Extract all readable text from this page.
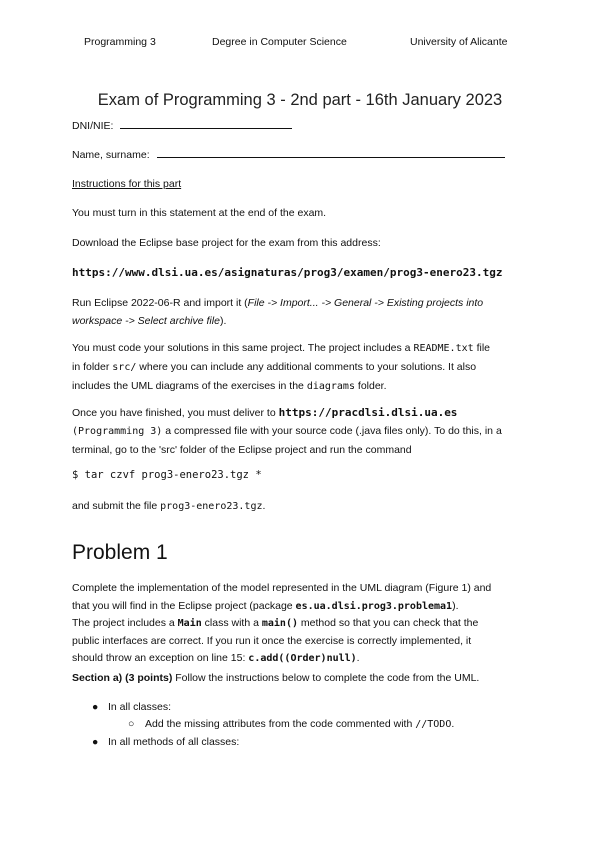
Programming 3	Degree in Computer Science	University of Alicante
Exam of Programming 3 - 2nd part - 16th January 2023
DNI/NIE:
Name, surname:
Instructions for this part
You must turn in this statement at the end of the exam.
Download the Eclipse base project for the exam from this address:
https://www.dlsi.ua.es/asignaturas/prog3/examen/prog3-enero23.tgz
Run Eclipse 2022-06-R and import it (File -> Import... -> General -> Existing projects into
workspace -> Select archive file).
You must code your solutions in this same project. The project includes a README.txt file
in folder src/ where you can include any additional comments to your solutions. It also
includes the UML diagrams of the exercises in the diagrams folder.
Once you have finished, you must deliver to https://pracdlsi.dlsi.ua.es
(Programming 3) a compressed file with your source code (.java files only). To do this, in a
terminal, go to the 'src' folder of the Eclipse project and run the command
$ tar czvf prog3-enero23.tgz *
and submit the file prog3-enero23.tgz.
Problem 1
Complete the implementation of the model represented in the UML diagram (Figure 1) and
that you will find in the Eclipse project (package es.ua.dlsi.prog3.problema1).
The project includes a Main class with a main() method so that you can check that the
public interfaces are correct. If you run it once the exercise is correctly implemented, it
should throw an exception on line 15: c.add((Order)null).
Section a) (3 points) Follow the instructions below to complete the code from the UML.
● In all classes:
○ Add the missing attributes from the code commented with //TODO.
● In all methods of all classes:
